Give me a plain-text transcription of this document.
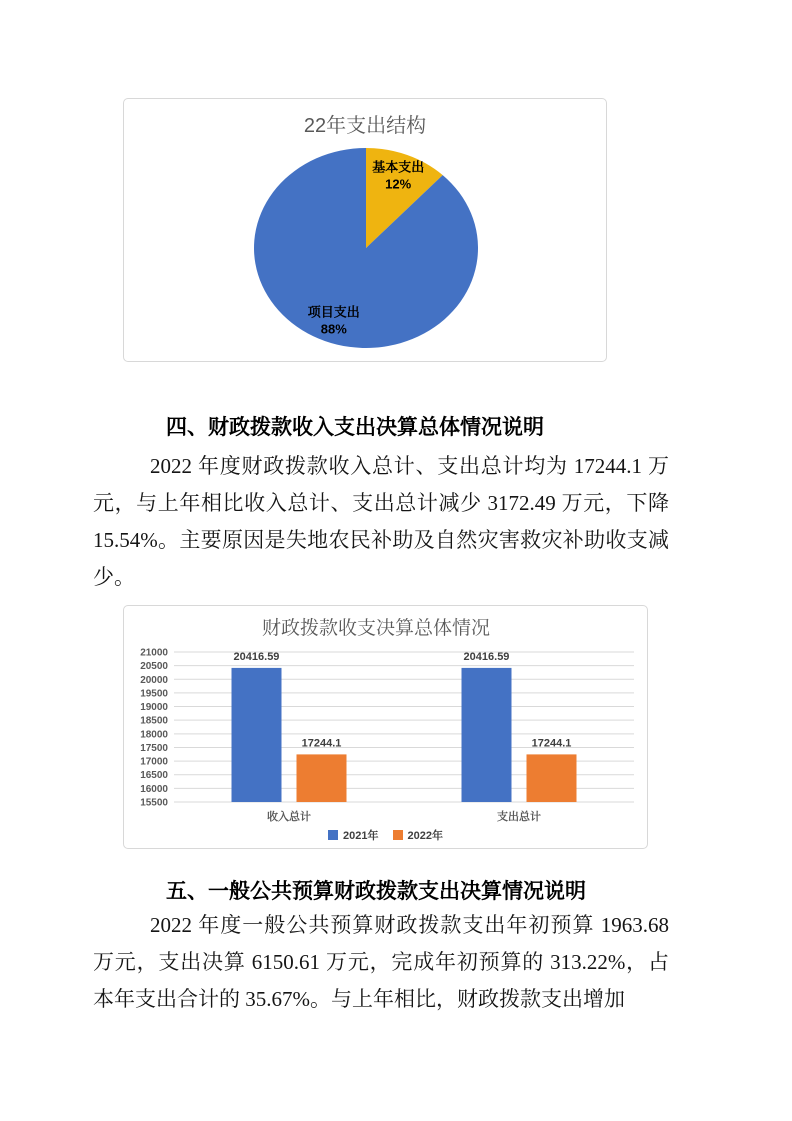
22年支出结构
基本支出 12%
项目支出 88%
四、财政拨款收入支出决算总体情况说明

2022 年度财政拨款收入总计、支出总计均为 17244.1 万元，与上年相比收入总计、支出总计减少 3172.49 万元，下降 15.54%。主要原因是失地农民补助及自然灾害救灾补助收支减少。

财政拨款收支决算总体情况
21000
20500
20000
19500
19000
18500
18000
17500
17000
16500
16000
15500
20416.59
17244.1
收入总计
20416.59
17244.1
支出总计
2021年	2022年
五、一般公共预算财政拨款支出决算情况说明

2022 年度一般公共预算财政拨款支出年初预算 1963.68 万元，支出决算 6150.61 万元，完成年初预算的 313.22%，占本年支出合计的 35.67%。与上年相比，财政拨款支出增加
